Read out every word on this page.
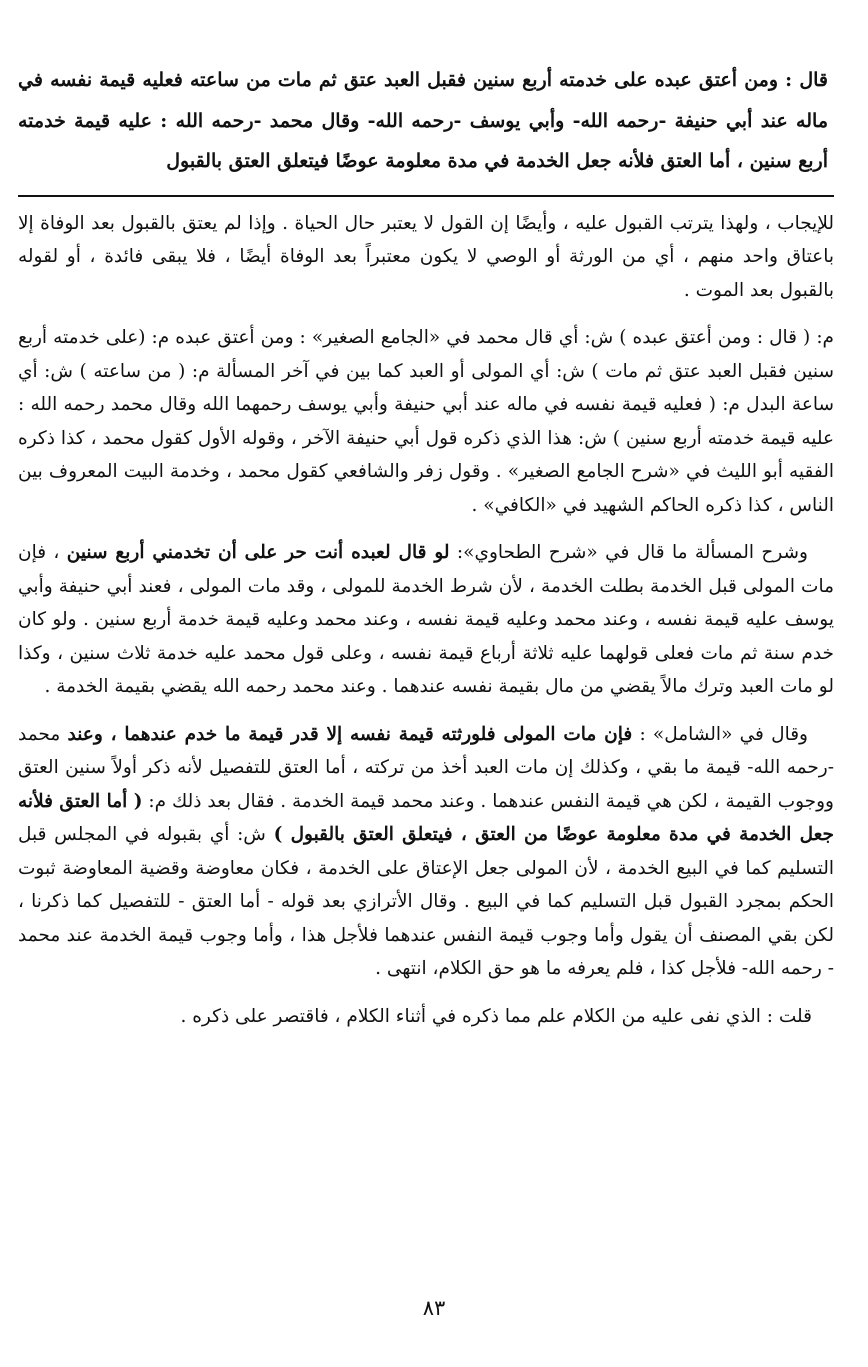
قال : ومن أعتق عبده على خدمته أربع سنين فقبل العبد عتق ثم مات من ساعته فعليه قيمة نفسه في ماله عند أبي حنيفة -رحمه الله- وأبي يوسف -رحمه الله- وقال محمد -رحمه الله : عليه قيمة خدمته أربع سنين ، أما العتق فلأنه جعل الخدمة في مدة معلومة عوضًا فيتعلق العتق بالقبول

للإيجاب ، ولهذا يترتب القبول عليه ، وأيضًا إن القول لا يعتبر حال الحياة . وإذا لم يعتق بالقبول بعد الوفاة إلا باعتاق واحد منهم ، أي من الورثة أو الوصي لا يكون معتبراً بعد الوفاة أيضًا ، فلا يبقى فائدة ، أو لقوله بالقبول بعد الموت .

م: ( قال : ومن أعتق عبده ) ش: أي قال محمد في «الجامع الصغير» : ومن أعتق عبده م: (على خدمته أربع سنين فقبل العبد عتق ثم مات ) ش: أي المولى أو العبد كما بين في آخر المسألة م: ( من ساعته ) ش: أي ساعة البدل م: ( فعليه قيمة نفسه في ماله عند أبي حنيفة وأبي يوسف رحمهما الله وقال محمد رحمه الله : عليه قيمة خدمته أربع سنين ) ش: هذا الذي ذكره قول أبي حنيفة الآخر ، وقوله الأول كقول محمد ، كذا ذكره الفقيه أبو الليث في «شرح الجامع الصغير» . وقول زفر والشافعي كقول محمد ، وخدمة البيت المعروف بين الناس ، كذا ذكره الحاكم الشهيد في «الكافي» .

وشرح المسألة ما قال في «شرح الطحاوي»: لو قال لعبده أنت حر على أن تخدمني أربع سنين ، فإن مات المولى قبل الخدمة بطلت الخدمة ، لأن شرط الخدمة للمولى ، وقد مات المولى ، فعند أبي حنيفة وأبي يوسف عليه قيمة نفسه ، وعند محمد وعليه قيمة نفسه ، وعند محمد وعليه قيمة خدمة أربع سنين . ولو كان خدم سنة ثم مات فعلى قولهما عليه ثلاثة أرباع قيمة نفسه ، وعلى قول محمد عليه خدمة ثلاث سنين ، وكذا لو مات العبد وترك مالاً يقضي من مال بقيمة نفسه عندهما . وعند محمد رحمه الله يقضي بقيمة الخدمة .

وقال في «الشامل» : فإن مات المولى فلورثته قيمة نفسه إلا قدر قيمة ما خدم عندهما ، وعند محمد -رحمه الله- قيمة ما بقي ، وكذلك إن مات العبد أخذ من تركته ، أما العتق للتفصيل لأنه ذكر أولاً سنين العتق ووجوب القيمة ، لكن هي قيمة النفس عندهما . وعند محمد قيمة الخدمة . فقال بعد ذلك م: ( أما العتق فلأنه جعل الخدمة في مدة معلومة عوضًا من العتق ، فيتعلق العتق بالقبول ) ش: أي بقبوله في المجلس قبل التسليم كما في البيع الخدمة ، لأن المولى جعل الإعتاق على الخدمة ، فكان معاوضة وقضية المعاوضة ثبوت الحكم بمجرد القبول قبل التسليم كما في البيع . وقال الأترازي بعد قوله - أما العتق - للتفصيل كما ذكرنا ، لكن بقي المصنف أن يقول وأما وجوب قيمة النفس عندهما فلأجل هذا ، وأما وجوب قيمة الخدمة عند محمد - رحمه الله- فلأجل كذا ، فلم يعرفه ما هو حق الكلام، انتهى .

قلت : الذي نفى عليه من الكلام علم مما ذكره في أثناء الكلام ، فاقتصر على ذكره .

٨٣
